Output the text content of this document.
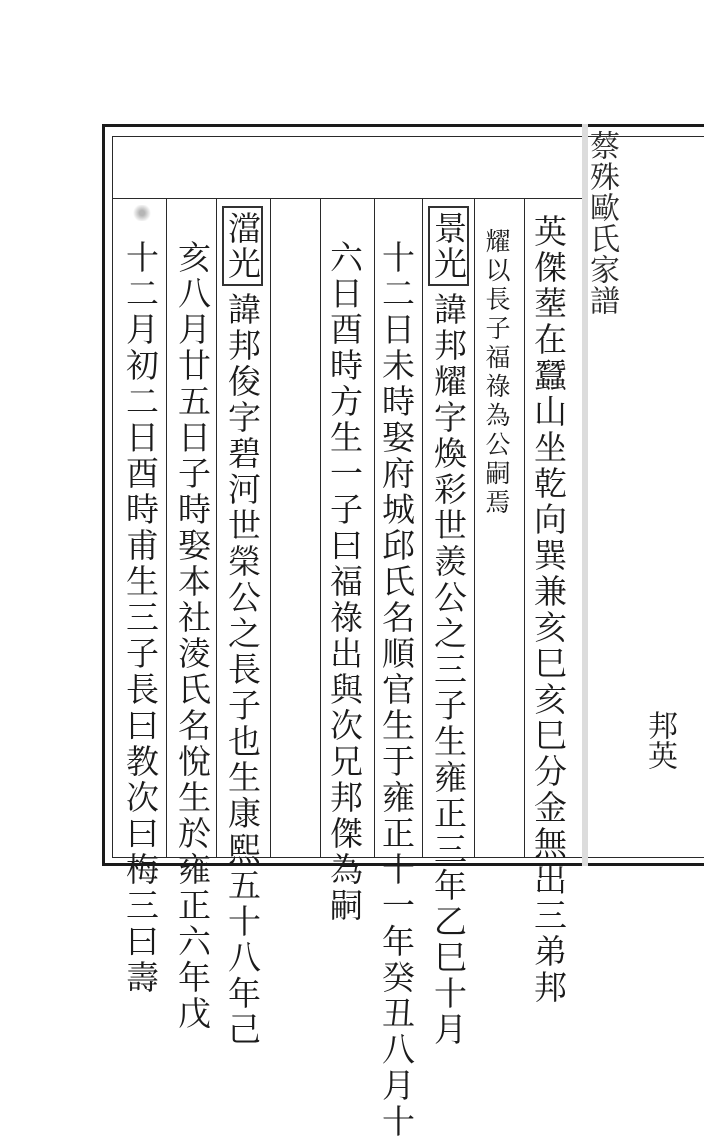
蔡殊歐氏家譜
英傑塟在蠶山坐乾向巽兼亥巳亥巳分金無出三弟邦
耀以長子福祿為公嗣焉
景光
諱邦耀字煥彩世羨公之三子生雍正三年乙巳十月
十二日未時娶府城邱氏名順官生于雍正十一年癸丑八月十
六日酉時方生一子曰福祿出與次兄邦傑為嗣
澢光
諱邦俊字碧河世榮公之長子也生康熙五十八年己
亥八月廿五日子時娶本社淩氏名悅生於雍正六年戊
十二月初二日酉時甫生三子長曰教次曰梅三曰壽	邦英
